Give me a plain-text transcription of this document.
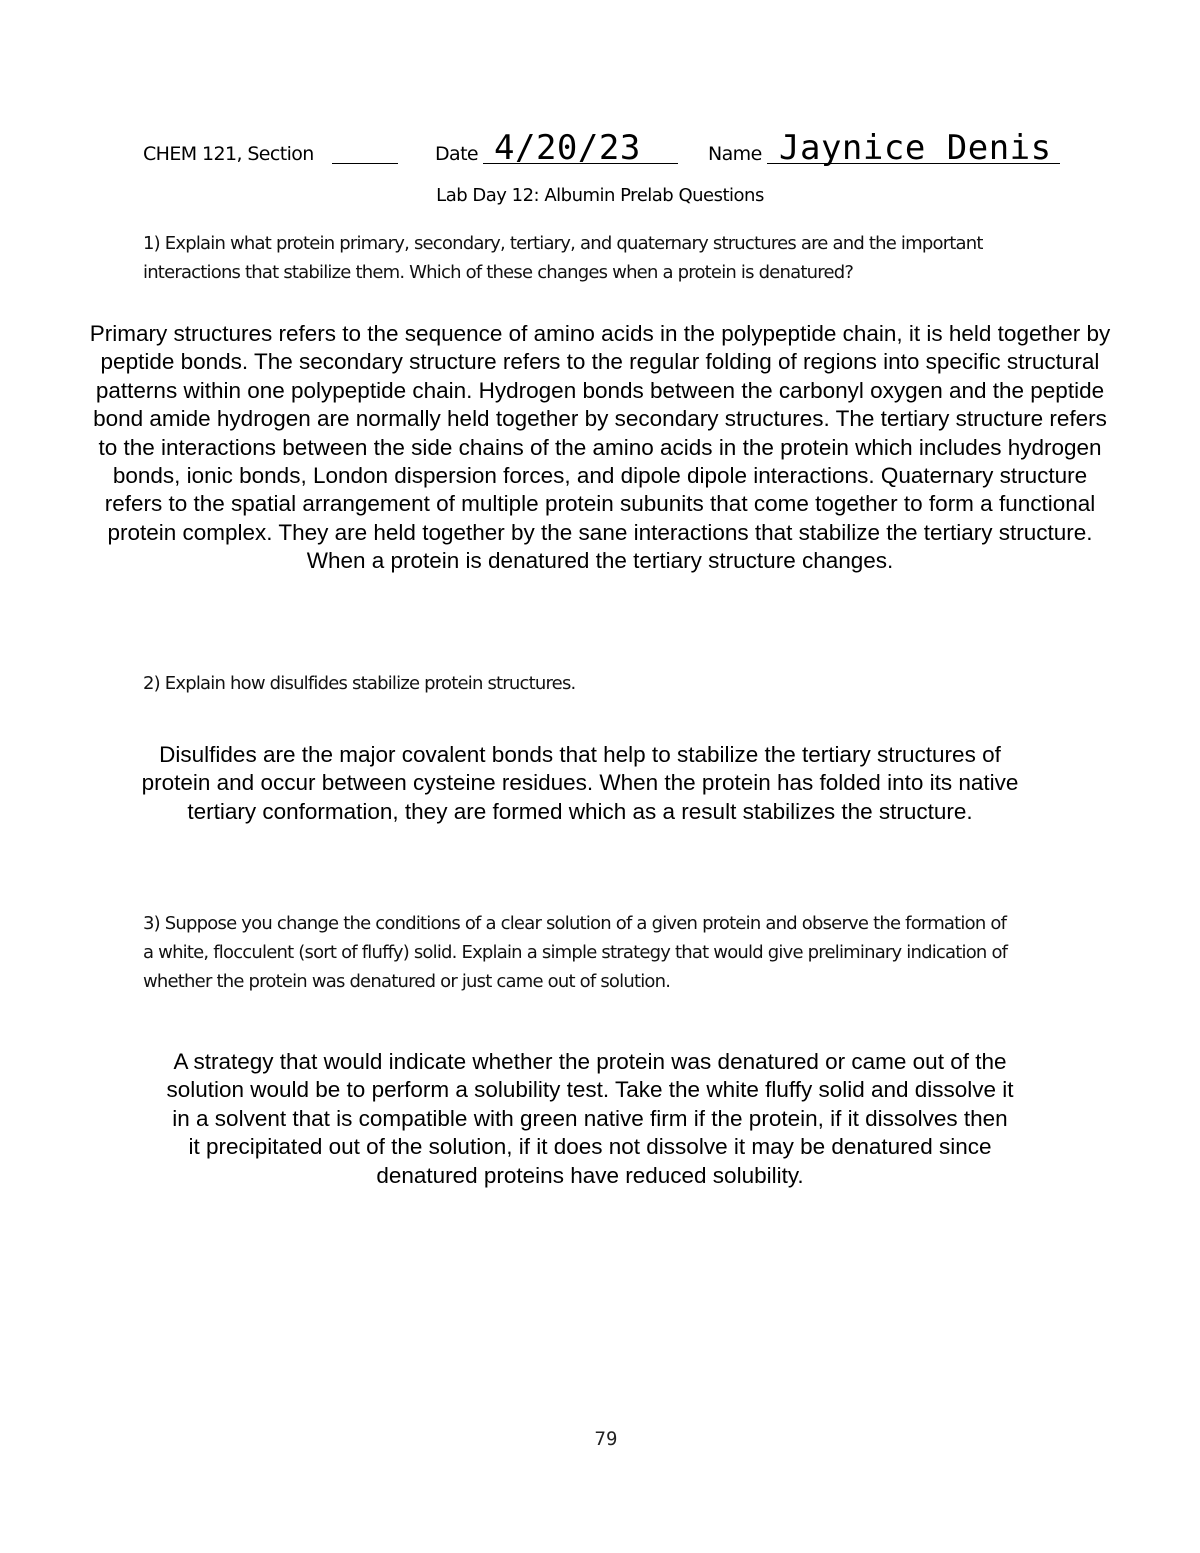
CHEM 121, Section	Date 4/20/23	Name Jaynice Denis
Lab Day 12: Albumin Prelab Questions
1) Explain what protein primary, secondary, tertiary, and quaternary structures are and the important
interactions that stabilize them. Which of these changes when a protein is denatured?
Primary structures refers to the sequence of amino acids in the polypeptide chain, it is held together by
peptide bonds. The secondary structure refers to the regular folding of regions into specific structural
patterns within one polypeptide chain. Hydrogen bonds between the carbonyl oxygen and the peptide
bond amide hydrogen are normally held together by secondary structures. The tertiary structure refers
to the interactions between the side chains of the amino acids in the protein which includes hydrogen
bonds, ionic bonds, London dispersion forces, and dipole dipole interactions. Quaternary structure
refers to the spatial arrangement of multiple protein subunits that come together to form a functional
protein complex. They are held together by the sane interactions that stabilize the tertiary structure.
When a protein is denatured the tertiary structure changes.
2) Explain how disulfides stabilize protein structures.
Disulfides are the major covalent bonds that help to stabilize the tertiary structures of
protein and occur between cysteine residues. When the protein has folded into its native
tertiary conformation, they are formed which as a result stabilizes the structure.
3) Suppose you change the conditions of a clear solution of a given protein and observe the formation of
a white, flocculent (sort of fluffy) solid. Explain a simple strategy that would give preliminary indication of
whether the protein was denatured or just came out of solution.
A strategy that would indicate whether the protein was denatured or came out of the
solution would be to perform a solubility test. Take the white fluffy solid and dissolve it
in a solvent that is compatible with green native firm if the protein, if it dissolves then
it precipitated out of the solution, if it does not dissolve it may be denatured since
denatured proteins have reduced solubility.
79
